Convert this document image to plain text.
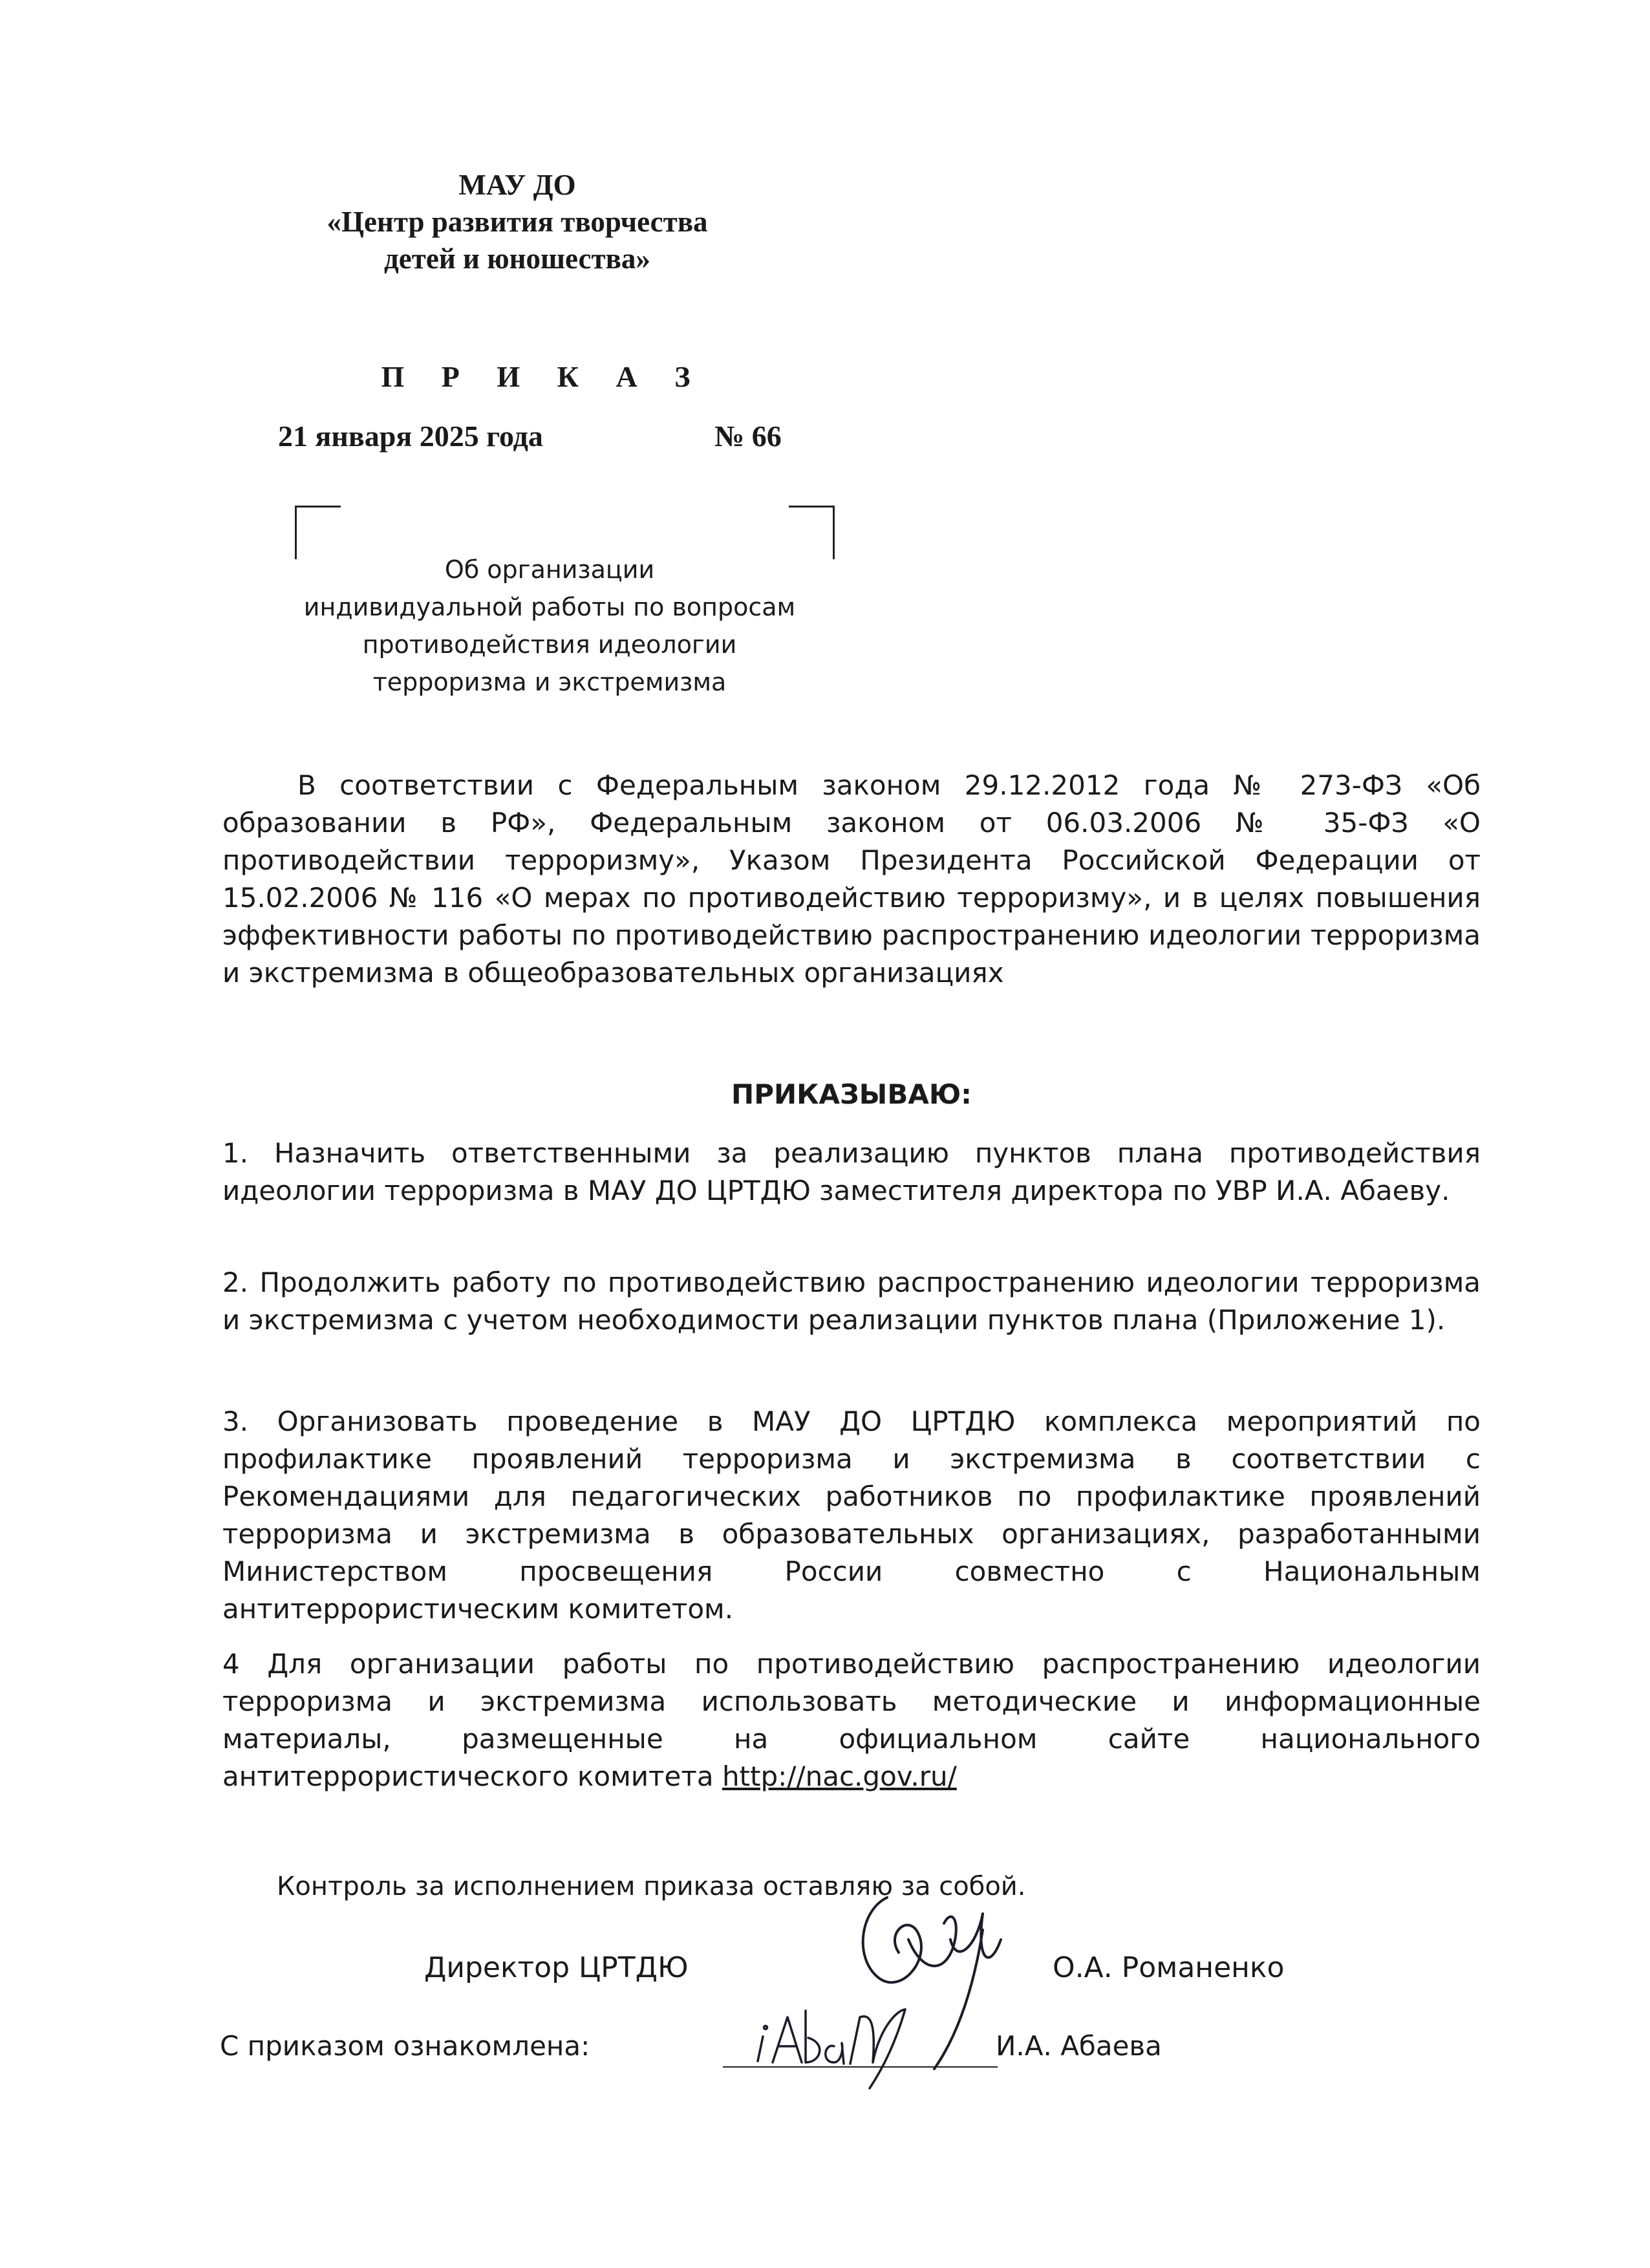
МАУ ДО
«Центр развития творчества
детей и юношества»
П Р И К А З
21 января 2025 года	№ 66
Об организации
индивидуальной работы по вопросам
противодействия идеологии
терроризма и экстремизма
В соответствии с Федеральным законом 29.12.2012 года № 273-ФЗ «Об образовании в РФ», Федеральным законом от 06.03.2006 № 35-ФЗ «О противодействии терроризму», Указом Президента Российской Федерации от 15.02.2006 № 116 «О мерах по противодействию терроризму», и в целях повышения эффективности работы по противодействию распространению идеологии терроризма и экстремизма в общеобразовательных организациях
ПРИКАЗЫВАЮ:
1. Назначить ответственными за реализацию пунктов плана противодействия идеологии терроризма в МАУ ДО ЦРТДЮ заместителя директора по УВР И.А. Абаеву.
2. Продолжить работу по противодействию распространению идеологии терроризма и экстремизма с учетом необходимости реализации пунктов плана (Приложение 1).
3. Организовать проведение в МАУ ДО ЦРТДЮ комплекса мероприятий по профилактике проявлений терроризма и экстремизма в соответствии с Рекомендациями для педагогических работников по профилактике проявлений терроризма и экстремизма в образовательных организациях, разработанными Министерством просвещения России совместно с Национальным антитеррористическим комитетом.
4 Для организации работы по противодействию распространению идеологии терроризма и экстремизма использовать методические и информационные материалы, размещенные на официальном сайте национального антитеррористического комитета http://nac.gov.ru/
Контроль за исполнением приказа оставляю за собой.
Директор ЦРТДЮ	О.А. Романенко
С приказом ознакомлена:	И.А. Абаева
